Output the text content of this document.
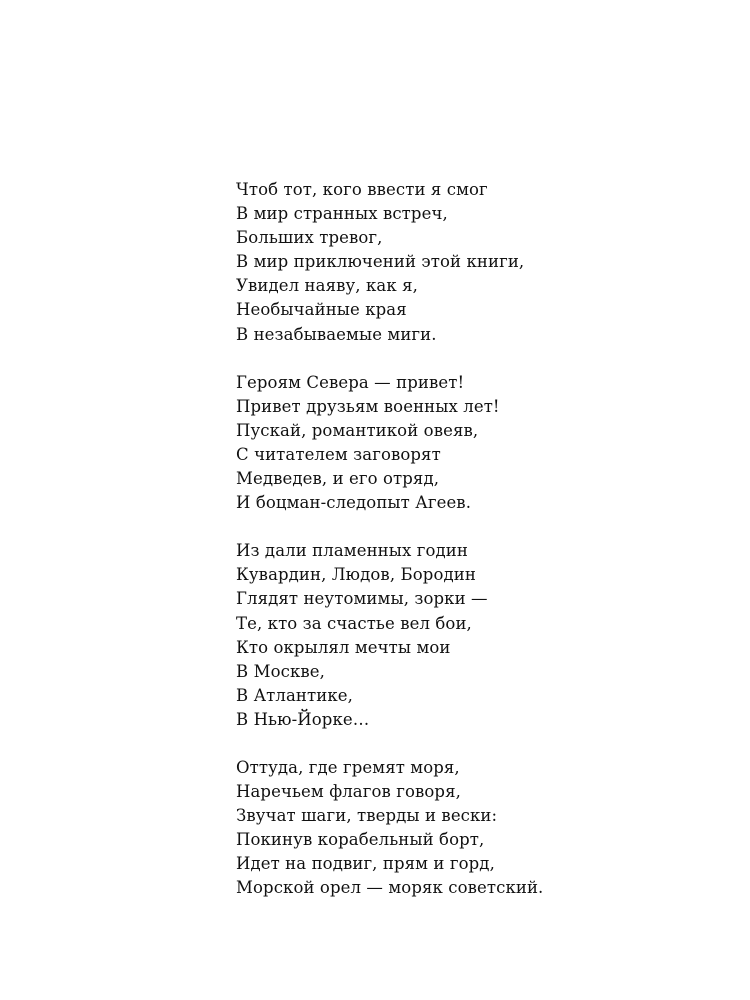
Чтоб тот, кого ввести я смог
В мир странных встреч,
Больших тревог,
В мир приключений этой книги,
Увидел наяву, как я,
Необычайные края
В незабываемые миги.
Героям Севера — привет!
Привет друзьям военных лет!
Пускай, романтикой овеяв,
С читателем заговорят
Медведев, и его отряд,
И боцман-следопыт Агеев.
Из дали пламенных годин
Кувардин, Людов, Бородин
Глядят неутомимы, зорки —
Те, кто за счастье вел бои,
Кто окрылял мечты мои
В Москве,
В Атлантике,
В Нью-Йорке…
Оттуда, где гремят моря,
Наречьем флагов говоря,
Звучат шаги, тверды и вески:
Покинув корабельный борт,
Идет на подвиг, прям и горд,
Морской орел — моряк советский.
